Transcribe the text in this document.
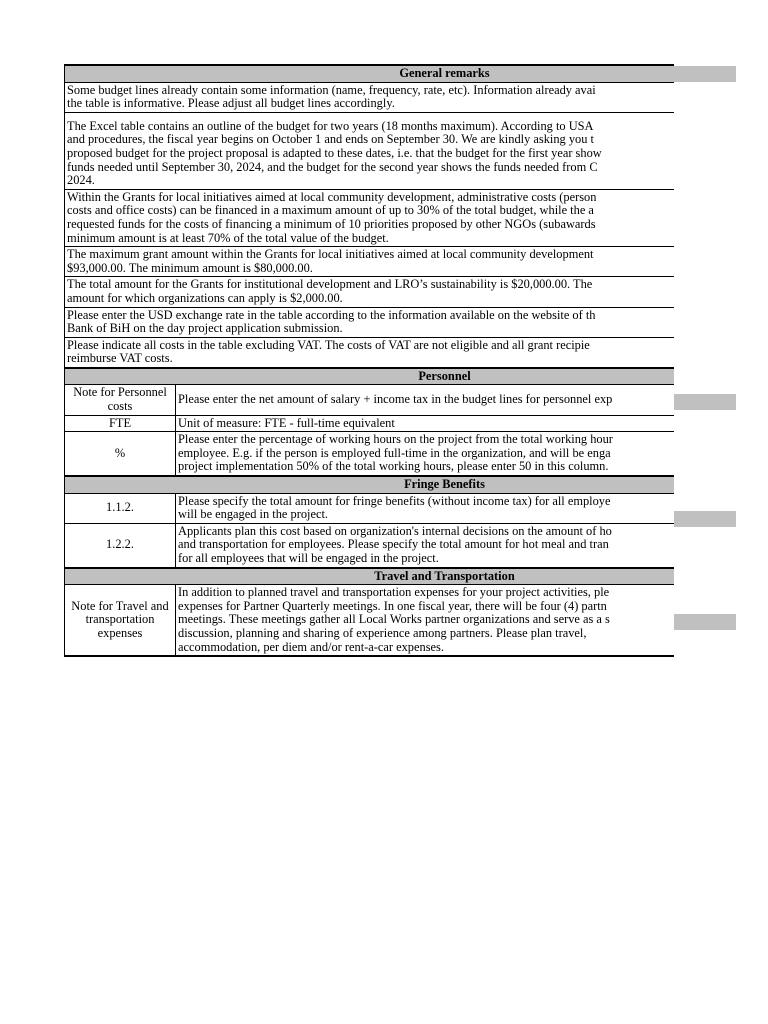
General remarks	

Some budget lines already contain some information (name, frequency, rate, etc). Information already avai
the table is informative. Please adjust all budget lines accordingly.	

The Excel table contains an outline of the budget for two years (18 months maximum). According to USA
and procedures, the fiscal year begins on October 1 and ends on September 30. We are kindly asking you t
proposed budget for the project proposal is adapted to these dates, i.e. that the budget for the first year show
funds needed until September 30, 2024, and the budget for the second year shows the funds needed from C
2024.	

Within the Grants for local initiatives aimed at local community development, administrative costs (person
costs and office costs) can be financed in a maximum amount of up to 30% of the total budget, while the a
requested funds for the costs of financing a minimum of 10 priorities proposed by other NGOs (subawards
minimum amount is at least 70% of the total value of the budget.	

The maximum grant amount within the Grants for local initiatives aimed at local community development
$93,000.00. The minimum amount is $80,000.00.	

The total amount for the Grants for institutional development and LRO’s sustainability is $20,000.00. The
amount for which organizations can apply is $2,000.00.	

Please enter the USD exchange rate in the table according to the information available on the website of th
Bank of BiH on the day project application submission.	

Please indicate all costs in the table excluding VAT. The costs of VAT are not eligible and all grant recipie
reimburse VAT costs.	

Personnel	
Note for Personnel costs	Please enter the net amount of salary + income tax in the budget lines for personnel exp

FTE	Unit of measure: FTE - full-time equivalent

%	Please enter the percentage of working hours on the project from the total working hour
employee. E.g. if the person is employed full-time in the organization, and will be enga
project implementation 50% of the total working hours, please enter 50 in this column.

Fringe Benefits	
1.1.2.	Please specify the total amount for fringe benefits (without income tax) for all employe
will be engaged in the project.

1.2.2.	Applicants plan this cost based on organization's internal decisions on the amount of ho
and transportation for employees. Please specify the total amount for hot meal and tran
for all employees that will be engaged in the project.

Travel and Transportation	
Note for Travel and transportation expenses	In addition to planned travel and transportation expenses for your project activities, ple
expenses for Partner Quarterly meetings. In one fiscal year, there will be four (4) partn
meetings. These meetings gather all Local Works partner organizations and serve as a s
discussion, planning and sharing of experience among partners. Please plan travel,
accommodation, per diem and/or rent-a-car expenses.
